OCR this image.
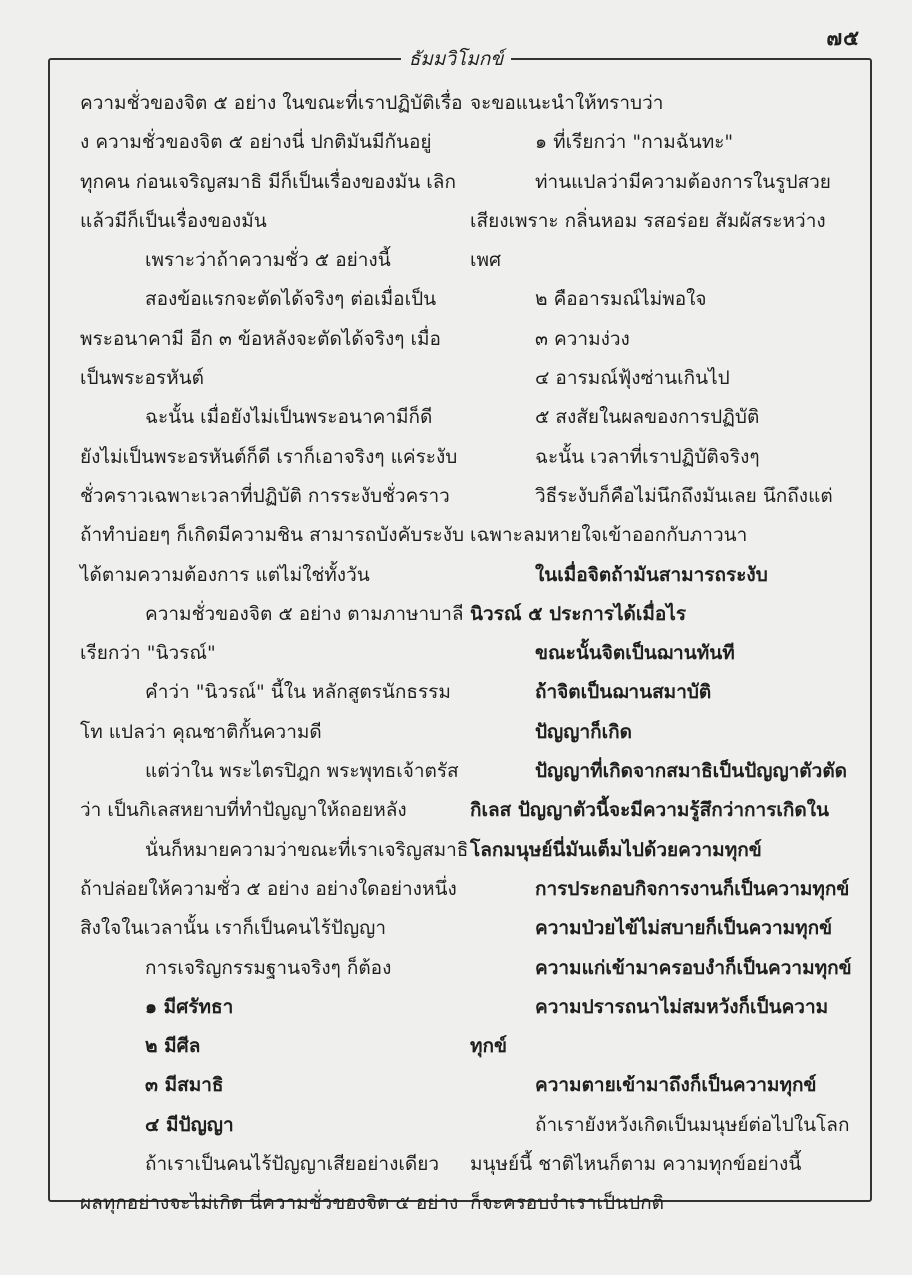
๗๕
ธัมมวิโมกข์
ความชั่วของจิต ๕ อย่าง ในขณะที่เราปฏิบัติเรื่อ
ง ความชั่วของจิต ๕ อย่างนี่ ปกติมันมีกันอยู่
ทุกคน ก่อนเจริญสมาธิ มีก็เป็นเรื่องของมัน เลิก
แล้วมีก็เป็นเรื่องของมัน
เพราะว่าถ้าความชั่ว ๕ อย่างนี้
สองข้อแรกจะตัดได้จริงๆ ต่อเมื่อเป็น
พระอนาคามี อีก ๓ ข้อหลังจะตัดได้จริงๆ เมื่อ
เป็นพระอรหันต์
ฉะนั้น เมื่อยังไม่เป็นพระอนาคามีก็ดี
ยังไม่เป็นพระอรหันต์ก็ดี เราก็เอาจริงๆ แค่ระงับ
ชั่วคราวเฉพาะเวลาที่ปฏิบัติ การระงับชั่วคราว
ถ้าทำบ่อยๆ ก็เกิดมีความชิน สามารถบังคับระงับ
ได้ตามความต้องการ แต่ไม่ใช่ทั้งวัน
ความชั่วของจิต ๕ อย่าง ตามภาษาบาลี
เรียกว่า "นิวรณ์"
คำว่า "นิวรณ์" นี้ใน หลักสูตรนักธรรม
โท แปลว่า คุณชาติกั้นความดี
แต่ว่าใน พระไตรปิฎก พระพุทธเจ้าตรัส
ว่า เป็นกิเลสหยาบที่ทำปัญญาให้ถอยหลัง
นั่นก็หมายความว่าขณะที่เราเจริญสมาธิ
ถ้าปล่อยให้ความชั่ว ๕ อย่าง อย่างใดอย่างหนึ่ง
สิงใจในเวลานั้น เราก็เป็นคนไร้ปัญญา
การเจริญกรรมฐานจริงๆ ก็ต้อง
๑ มีศรัทธา
๒ มีศีล
๓ มีสมาธิ
๔ มีปัญญา
ถ้าเราเป็นคนไร้ปัญญาเสียอย่างเดียว
ผลทุกอย่างจะไม่เกิด นี่ความชั่วของจิต ๕ อย่าง
จะขอแนะนำให้ทราบว่า
๑ ที่เรียกว่า "กามฉันทะ"
ท่านแปลว่ามีความต้องการในรูปสวย
เสียงเพราะ กลิ่นหอม รสอร่อย สัมผัสระหว่าง
เพศ
๒ คืออารมณ์ไม่พอใจ
๓ ความง่วง
๔ อารมณ์ฟุ้งซ่านเกินไป
๕ สงสัยในผลของการปฏิบัติ
ฉะนั้น เวลาที่เราปฏิบัติจริงๆ
วิธีระงับก็คือไม่นึกถึงมันเลย นึกถึงแต่
เฉพาะลมหายใจเข้าออกกับภาวนา
ในเมื่อจิตถ้ามันสามารถระงับ
นิวรณ์ ๕ ประการได้เมื่อไร
ขณะนั้นจิตเป็นฌานทันที
ถ้าจิตเป็นฌานสมาบัติ
ปัญญาก็เกิด
ปัญญาที่เกิดจากสมาธิเป็นปัญญาตัวตัด
กิเลส ปัญญาตัวนี้จะมีความรู้สึกว่าการเกิดใน
โลกมนุษย์นี่มันเต็มไปด้วยความทุกข์
การประกอบกิจการงานก็เป็นความทุกข์
ความป่วยไข้ไม่สบายก็เป็นความทุกข์
ความแก่เข้ามาครอบงำก็เป็นความทุกข์
ความปรารถนาไม่สมหวังก็เป็นความ
ทุกข์
ความตายเข้ามาถึงก็เป็นความทุกข์
ถ้าเรายังหวังเกิดเป็นมนุษย์ต่อไปในโลก
มนุษย์นี้ ชาติไหนก็ตาม ความทุกข์อย่างนี้
ก็จะครอบงำเราเป็นปกติ
